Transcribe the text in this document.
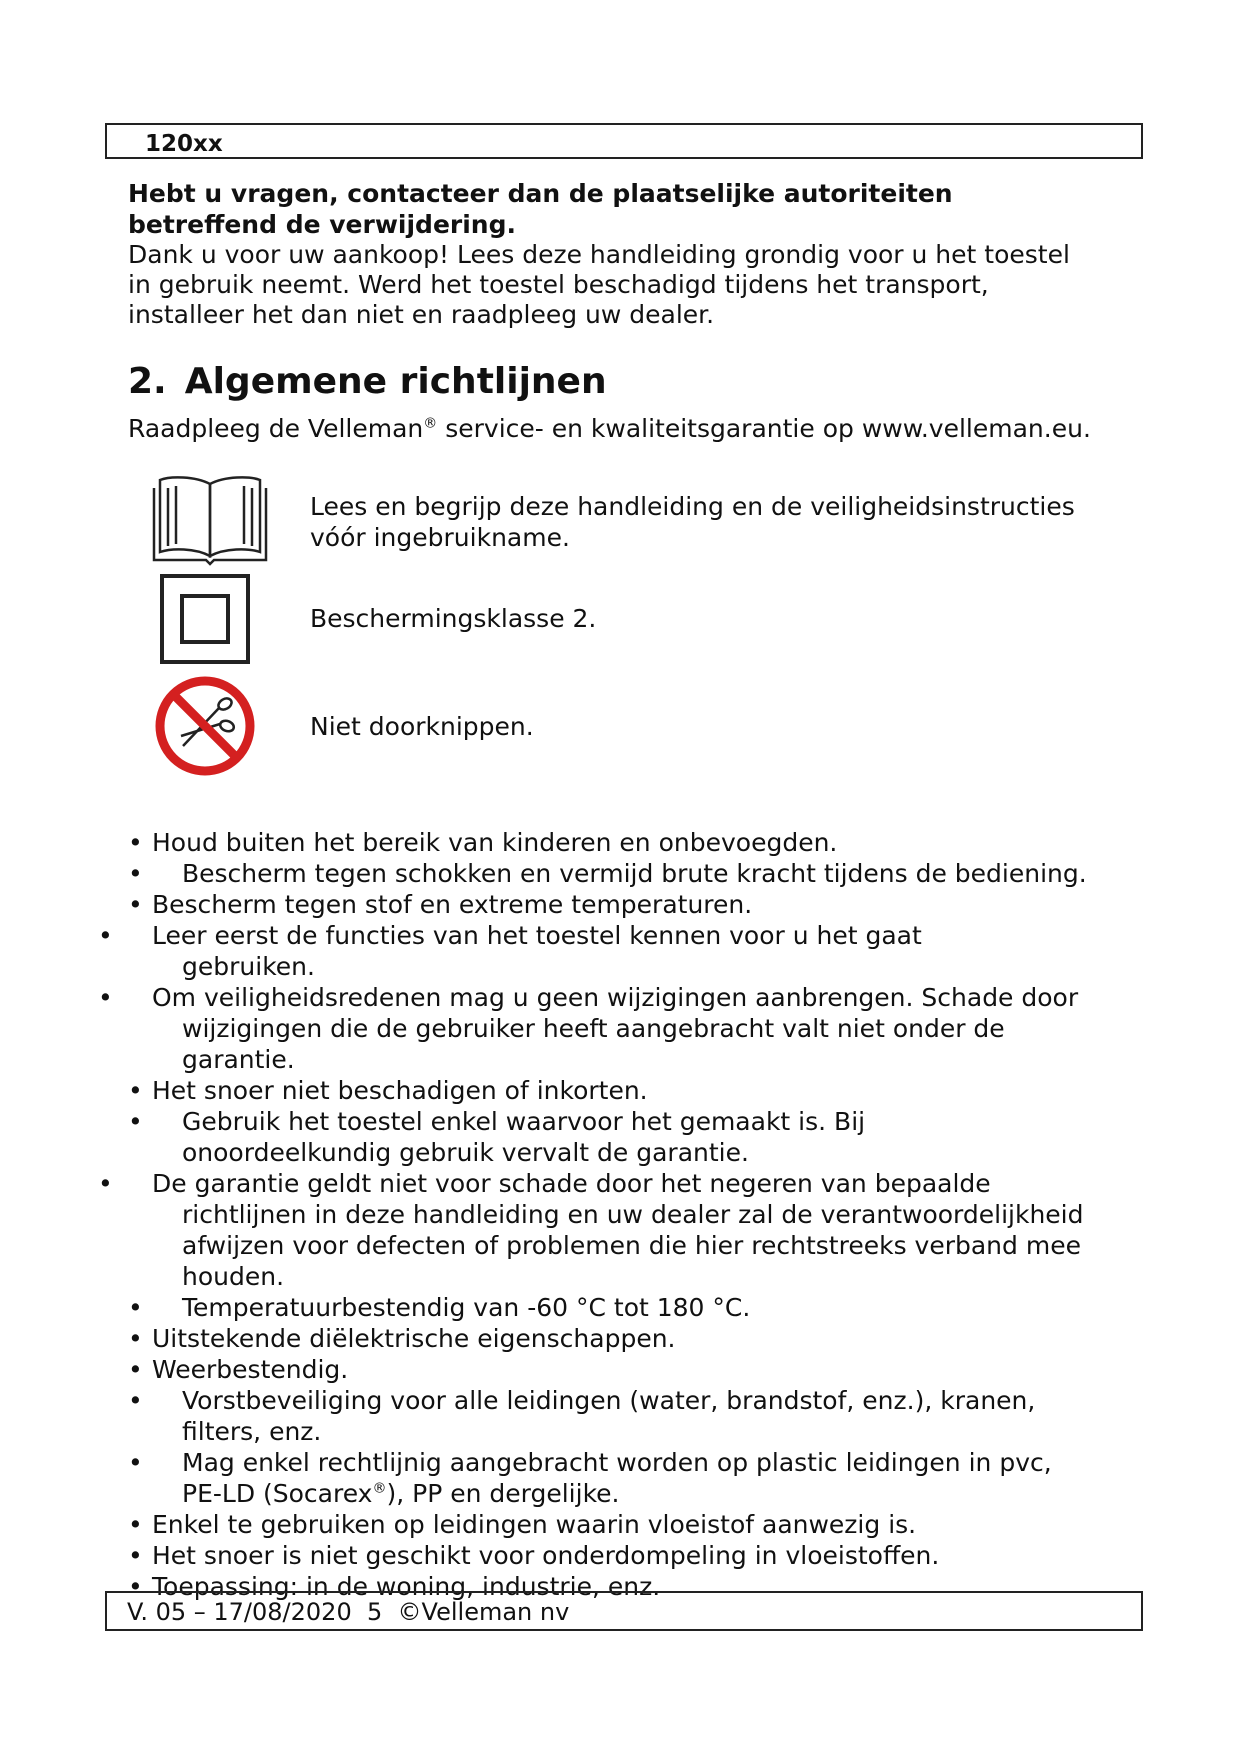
120xx

Hebt u vragen, contacteer dan de plaatselijke autoriteiten betreffend de verwijdering.

Dank u voor uw aankoop! Lees deze handleiding grondig voor u het toestel

in gebruik neemt. Werd het toestel beschadigd tijdens het transport,

installeer het dan niet en raadpleeg uw dealer.

2. Algemene richtlijnen

Raadpleeg de Velleman® service- en kwaliteitsgarantie op www.velleman.eu.

Lees en begrijp deze handleiding en de veiligheidsinstructies vóór ingebruikname.
Beschermingsklasse 2.
Niet doorknippen.
• Houd buiten het bereik van kinderen en onbevoegden.
• Bescherm tegen schokken en vermijd brute kracht tijdens de bediening.
• Bescherm tegen stof en extreme temperaturen.
• Leer eerst de functies van het toestel kennen voor u het gaat gebruiken.
• Om veiligheidsredenen mag u geen wijzigingen aanbrengen. Schade door wijzigingen die de gebruiker heeft aangebracht valt niet onder de garantie.
• Het snoer niet beschadigen of inkorten.
• Gebruik het toestel enkel waarvoor het gemaakt is. Bij onoordeelkundig gebruik vervalt de garantie.
• De garantie geldt niet voor schade door het negeren van bepaalde richtlijnen in deze handleiding en uw dealer zal de verantwoordelijkheid afwijzen voor defecten of problemen die hier rechtstreeks verband mee houden.
• Temperatuurbestendig van -60 °C tot 180 °C.
• Uitstekende diëlektrische eigenschappen.
• Weerbestendig.
• Vorstbeveiliging voor alle leidingen (water, brandstof, enz.), kranen, filters, enz.
• Mag enkel rechtlijnig aangebracht worden op plastic leidingen in pvc, PE-LD (Socarex®), PP en dergelijke.
• Enkel te gebruiken op leidingen waarin vloeistof aanwezig is.
• Het snoer is niet geschikt voor onderdompeling in vloeistoffen.
• Toepassing: in de woning, industrie, enz.
V. 05 – 17/08/2020 5 ©Velleman nv
